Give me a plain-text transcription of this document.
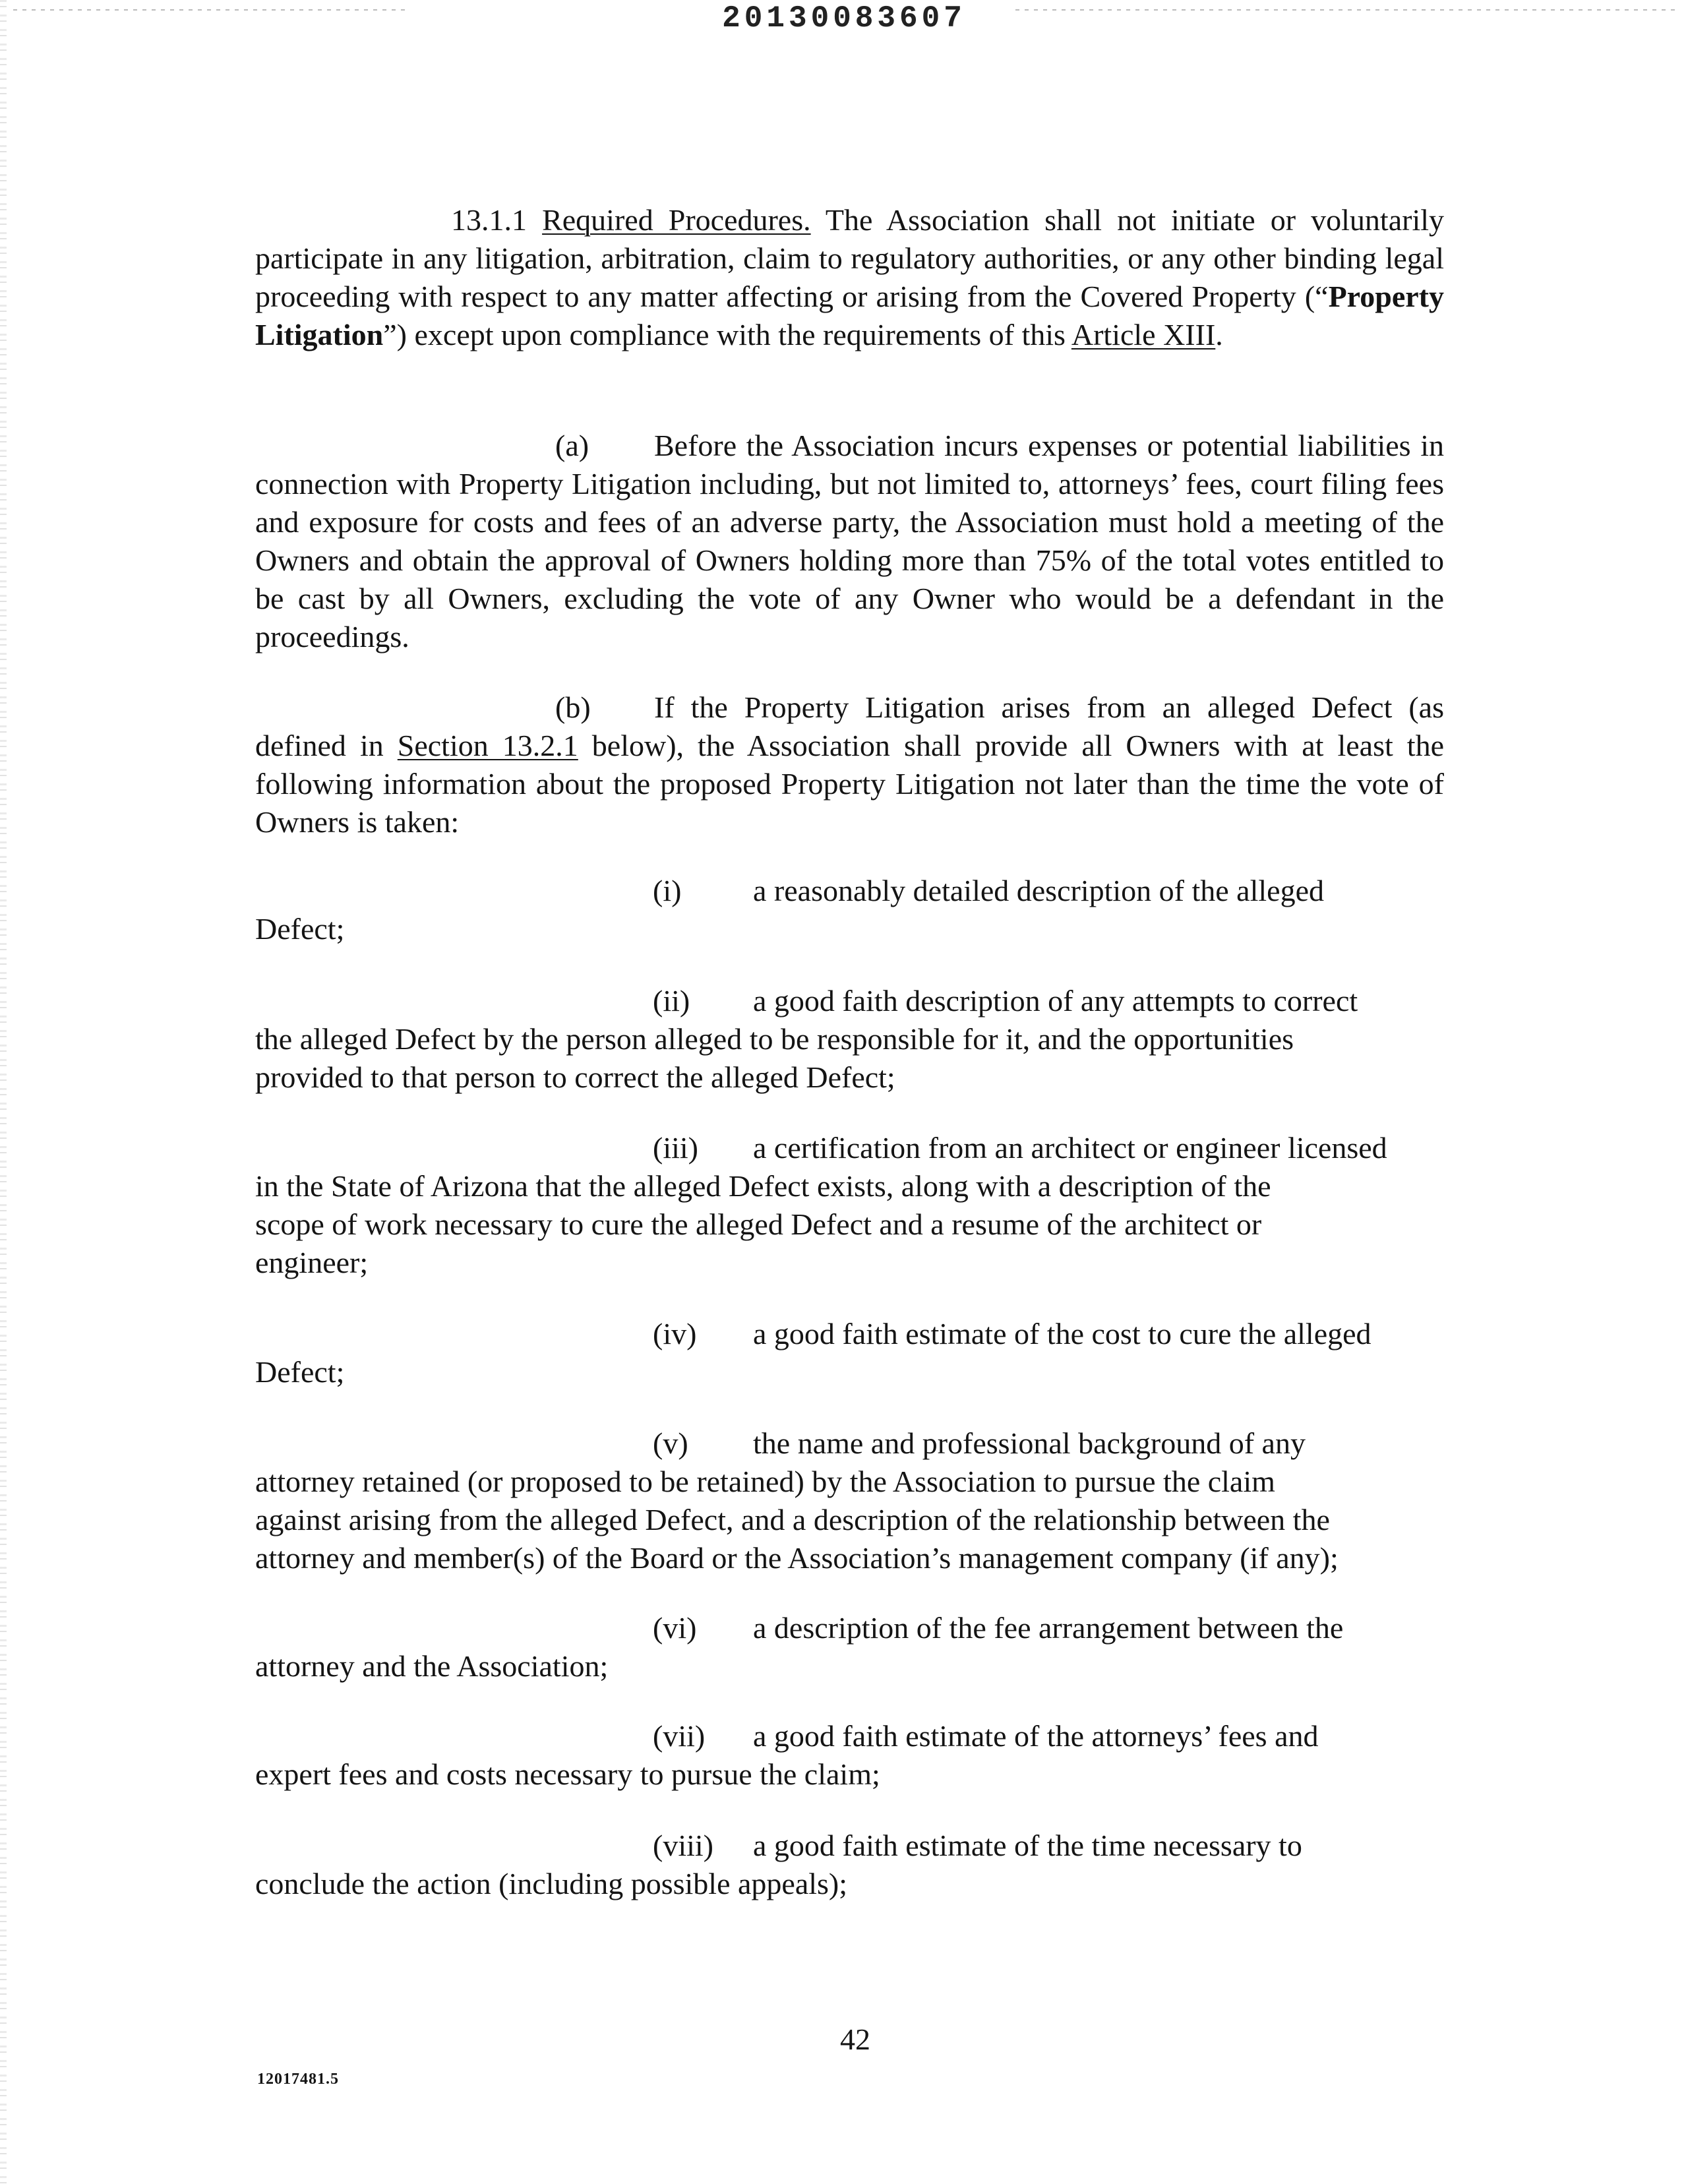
20130083607
13.1.1 Required Procedures. The Association shall not initiate or voluntarily participate in any litigation, arbitration, claim to regulatory authorities, or any other binding legal proceeding with respect to any matter affecting or arising from the Covered Property (“Property Litigation”) except upon compliance with the requirements of this Article XIII.
(a) Before the Association incurs expenses or potential liabilities in connection with Property Litigation including, but not limited to, attorneys’ fees, court filing fees and exposure for costs and fees of an adverse party, the Association must hold a meeting of the Owners and obtain the approval of Owners holding more than 75% of the total votes entitled to be cast by all Owners, excluding the vote of any Owner who would be a defendant in the proceedings.
(b) If the Property Litigation arises from an alleged Defect (as defined in Section 13.2.1 below), the Association shall provide all Owners with at least the following information about the proposed Property Litigation not later than the time the vote of Owners is taken:
(i) a reasonably detailed description of the alleged
Defect;
(ii) a good faith description of any attempts to correct
the alleged Defect by the person alleged to be responsible for it, and the opportunities
provided to that person to correct the alleged Defect;
(iii) a certification from an architect or engineer licensed
in the State of Arizona that the alleged Defect exists, along with a description of the
scope of work necessary to cure the alleged Defect and a resume of the architect or
engineer;
(iv) a good faith estimate of the cost to cure the alleged
Defect;
(v) the name and professional background of any
attorney retained (or proposed to be retained) by the Association to pursue the claim
against arising from the alleged Defect, and a description of the relationship between the
attorney and member(s) of the Board or the Association’s management company (if any);
(vi) a description of the fee arrangement between the
attorney and the Association;
(vii) a good faith estimate of the attorneys’ fees and
expert fees and costs necessary to pursue the claim;
(viii) a good faith estimate of the time necessary to
conclude the action (including possible appeals);
42
12017481.5
